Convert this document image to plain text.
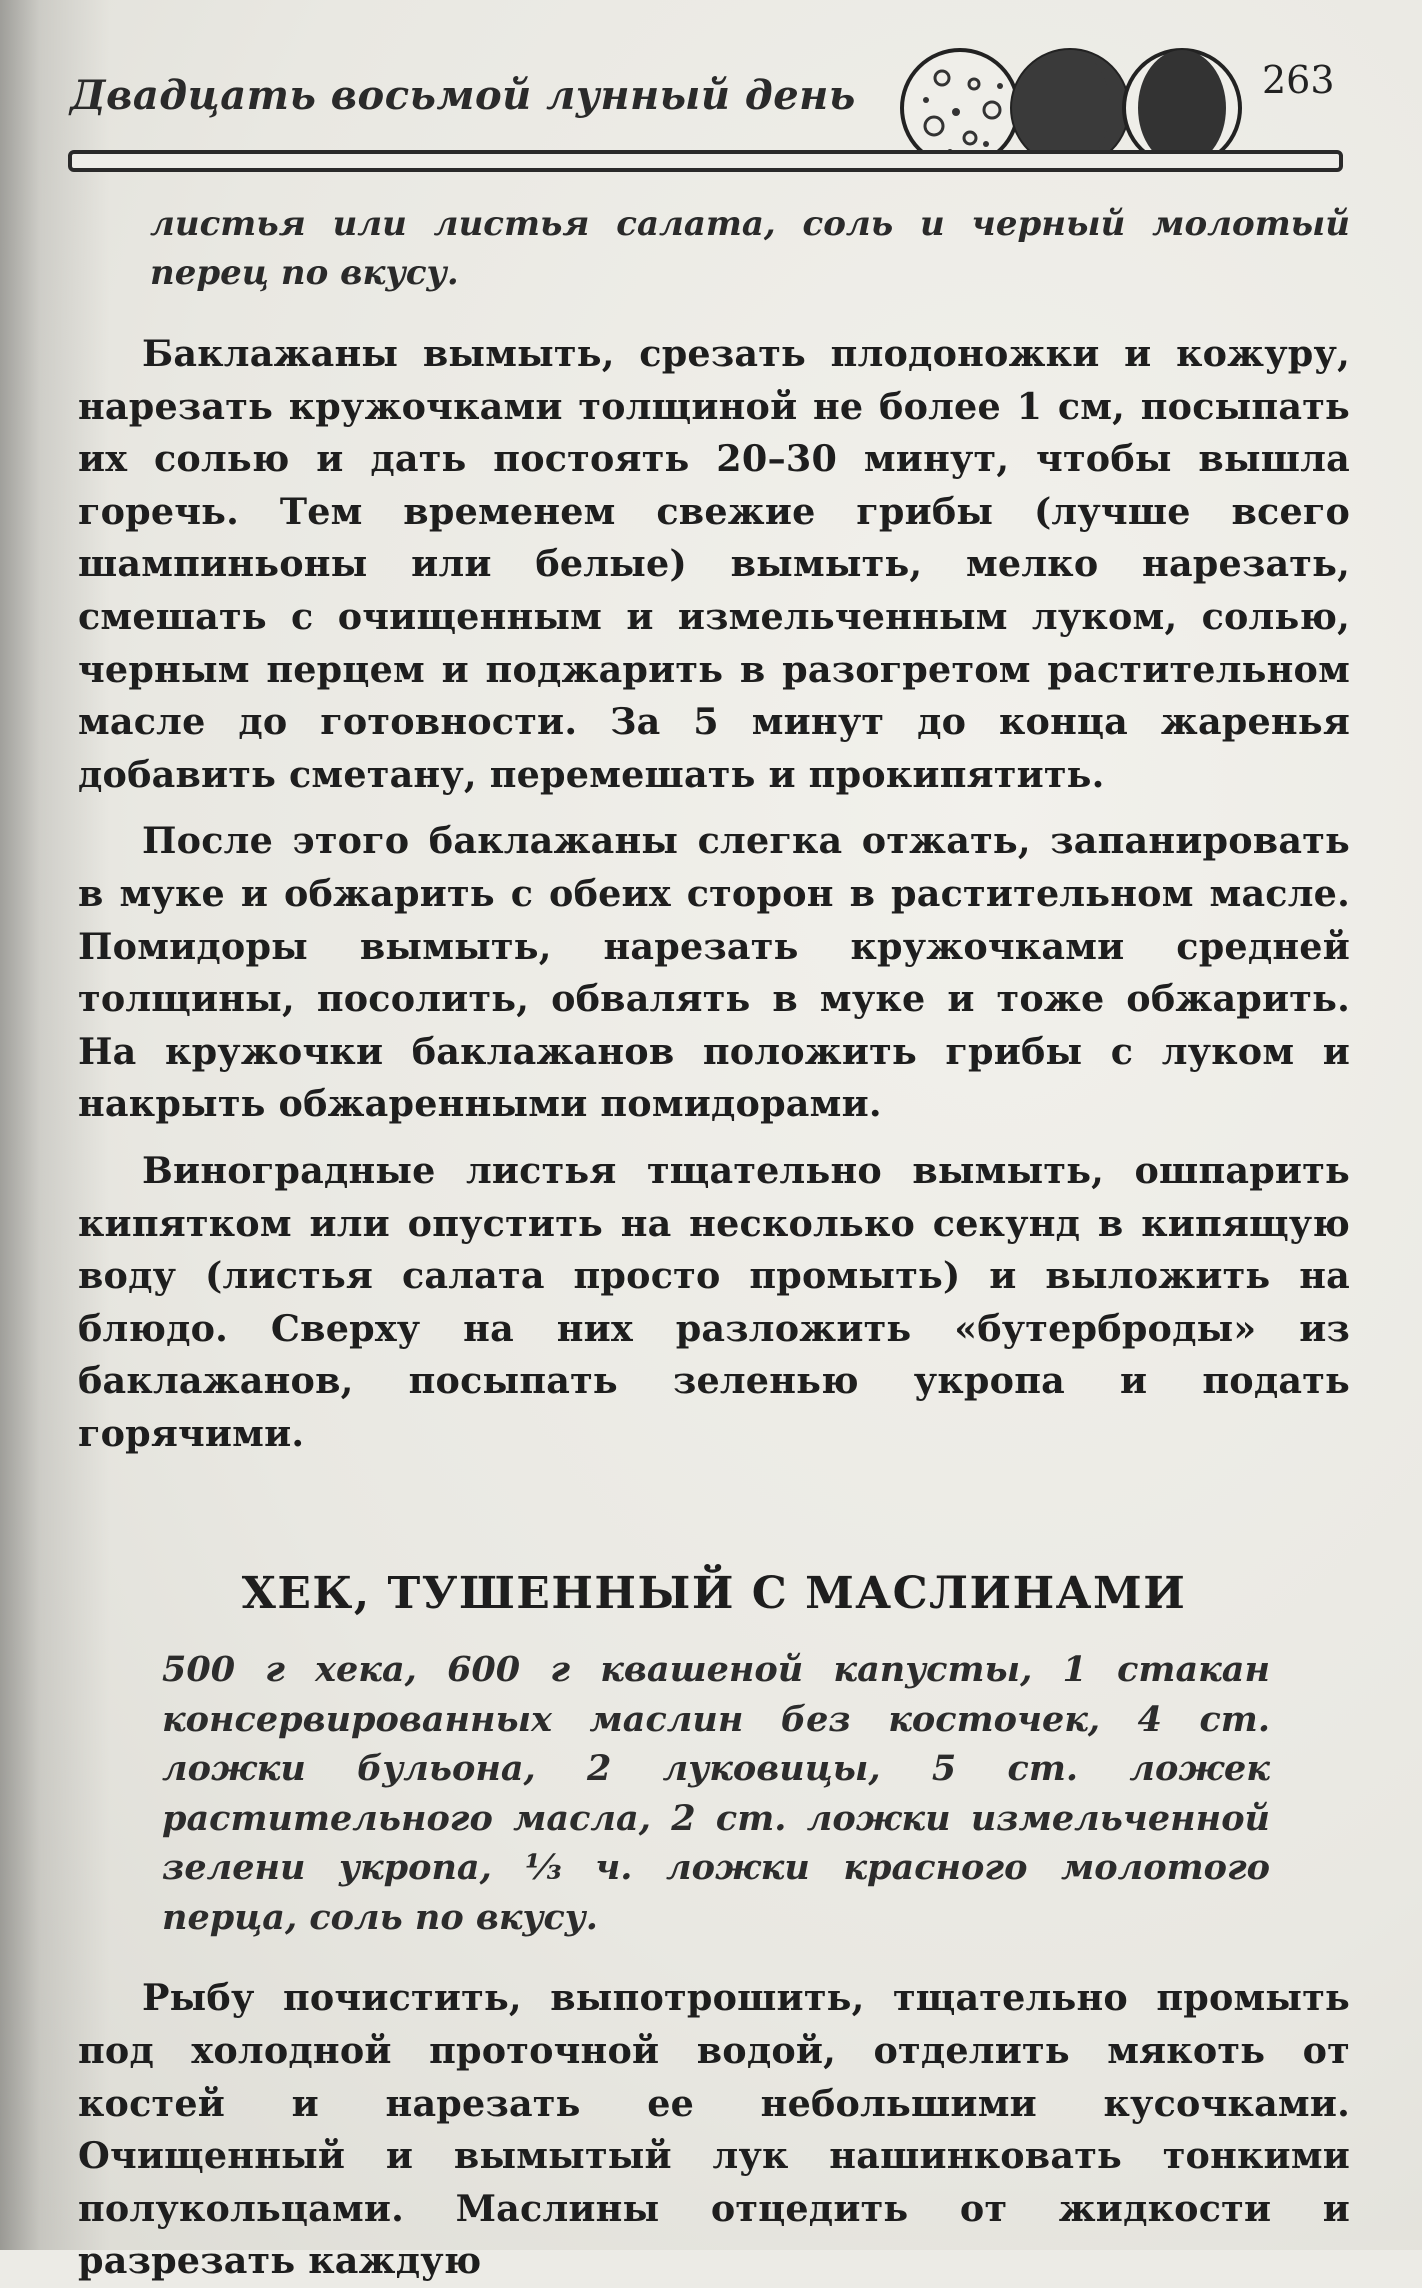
Двадцать восьмой лунный день	263

листья или листья салата, соль и черный молотый перец по вкусу.

Баклажаны вымыть, срезать плодоножки и кожуру, нарезать кружочками толщиной не более 1 см, посыпать их солью и дать постоять 20–30 минут, чтобы вышла горечь. Тем временем свежие грибы (лучше всего шампиньоны или белые) вымыть, мелко нарезать, смешать с очищенным и измельченным луком, солью, черным перцем и поджарить в разогретом растительном масле до готовности. За 5 минут до конца жаренья добавить сметану, перемешать и прокипятить.

После этого баклажаны слегка отжать, запанировать в муке и обжарить с обеих сторон в растительном масле. Помидоры вымыть, нарезать кружочками средней толщины, посолить, обвалять в муке и тоже обжарить. На кружочки баклажанов положить грибы с луком и накрыть обжаренными помидорами.

Виноградные листья тщательно вымыть, ошпарить кипятком или опустить на несколько секунд в кипящую воду (листья салата просто промыть) и выложить на блюдо. Сверху на них разложить «бутерброды» из баклажанов, посыпать зеленью укропа и подать горячими.

ХЕК, ТУШЕННЫЙ С МАСЛИНАМИ

500 г хека, 600 г квашеной капусты, 1 стакан консервированных маслин без косточек, 4 ст. ложки бульона, 2 луковицы, 5 ст. ложек растительного масла, 2 ст. ложки измельченной зелени укропа, ⅓ ч. ложки красного молотого перца, соль по вкусу.

Рыбу почистить, выпотрошить, тщательно промыть под холодной проточной водой, отделить мякоть от костей и нарезать ее небольшими кусочками. Очищенный и вымытый лук нашинковать тонкими полукольцами. Маслины отцедить от жидкости и разрезать каждую
